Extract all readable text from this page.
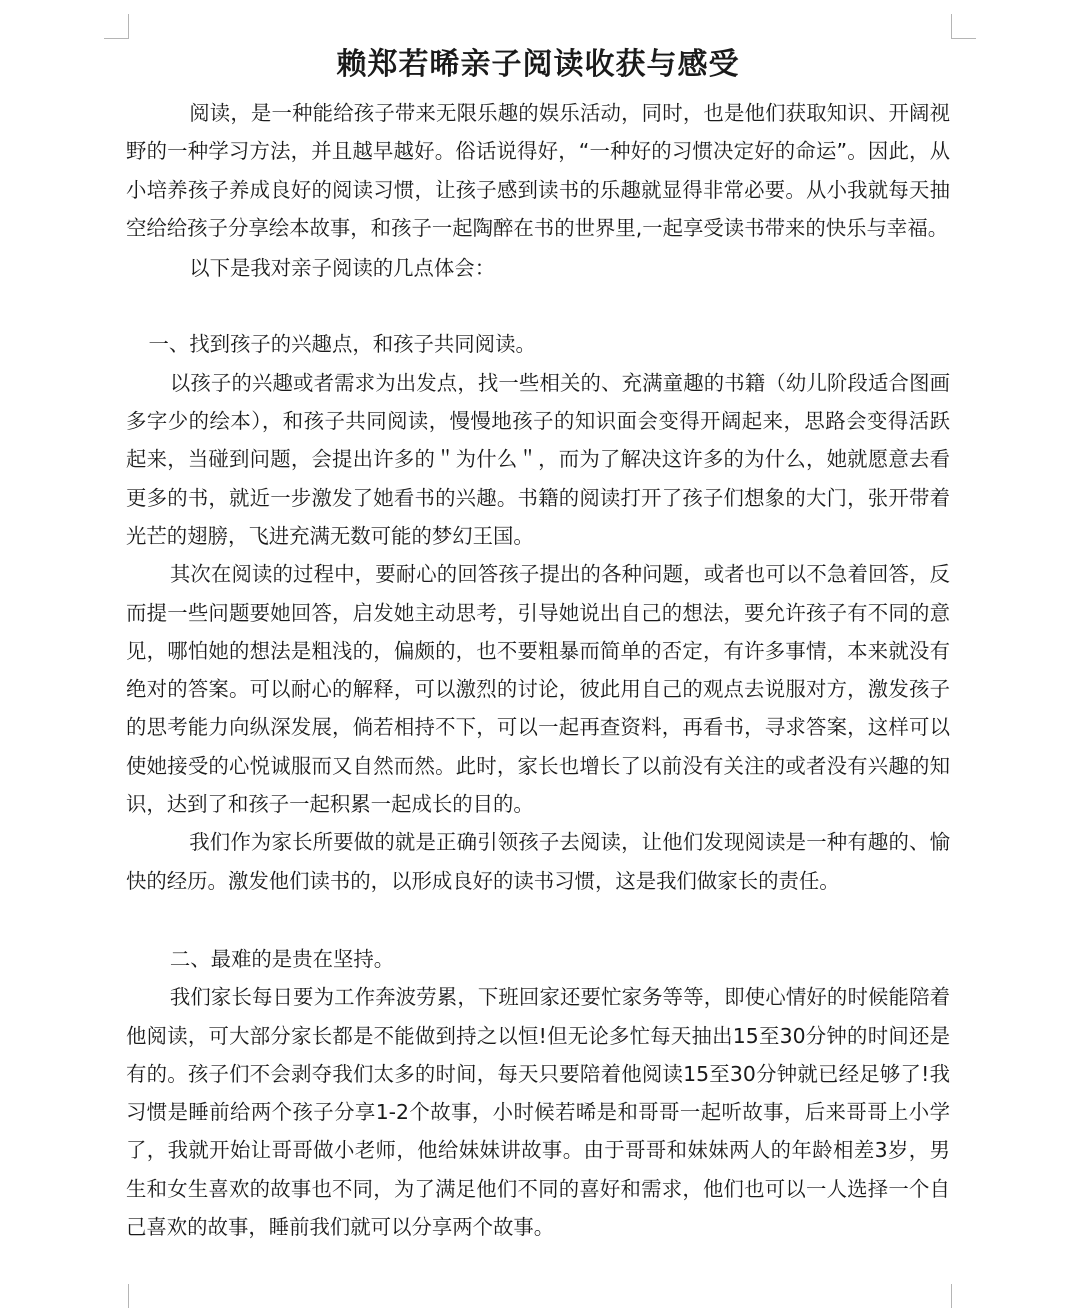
赖郑若晞亲子阅读收获与感受

阅读，是一种能给孩子带来无限乐趣的娱乐活动，同时，也是他们获取知识、开阔视野的一种学习方法，并且越早越好。俗话说得好，“一种好的习惯决定好的命运”。因此，从小培养孩子养成良好的阅读习惯，让孩子感到读书的乐趣就显得非常必要。从小我就每天抽空给给孩子分享绘本故事，和孩子一起陶醉在书的世界里,一起享受读书带来的快乐与幸福。

以下是我对亲子阅读的几点体会：

一、找到孩子的兴趣点，和孩子共同阅读。

以孩子的兴趣或者需求为出发点，找一些相关的、充满童趣的书籍（幼儿阶段适合图画多字少的绘本），和孩子共同阅读，慢慢地孩子的知识面会变得开阔起来，思路会变得活跃起来，当碰到问题，会提出许多的＂为什么＂，而为了解决这许多的为什么，她就愿意去看更多的书，就近一步激发了她看书的兴趣。书籍的阅读打开了孩子们想象的大门，张开带着光芒的翅膀，飞进充满无数可能的梦幻王国。

其次在阅读的过程中，要耐心的回答孩子提出的各种问题，或者也可以不急着回答，反而提一些问题要她回答，启发她主动思考，引导她说出自己的想法，要允许孩子有不同的意见，哪怕她的想法是粗浅的，偏颇的，也不要粗暴而简单的否定，有许多事情，本来就没有绝对的答案。可以耐心的解释，可以激烈的讨论，彼此用自己的观点去说服对方，激发孩子的思考能力向纵深发展，倘若相持不下，可以一起再查资料，再看书，寻求答案，这样可以使她接受的心悦诚服而又自然而然。此时，家长也增长了以前没有关注的或者没有兴趣的知识，达到了和孩子一起积累一起成长的目的。

我们作为家长所要做的就是正确引领孩子去阅读，让他们发现阅读是一种有趣的、愉快的经历。激发他们读书的，以形成良好的读书习惯，这是我们做家长的责任。

二、最难的是贵在坚持。

我们家长每日要为工作奔波劳累，下班回家还要忙家务等等，即使心情好的时候能陪着他阅读，可大部分家长都是不能做到持之以恒!但无论多忙每天抽出15至30分钟的时间还是有的。孩子们不会剥夺我们太多的时间，每天只要陪着他阅读15至30分钟就已经足够了!我习惯是睡前给两个孩子分享1-2个故事，小时候若晞是和哥哥一起听故事，后来哥哥上小学了，我就开始让哥哥做小老师，他给妹妹讲故事。由于哥哥和妹妹两人的年龄相差3岁，男生和女生喜欢的故事也不同，为了满足他们不同的喜好和需求，他们也可以一人选择一个自己喜欢的故事，睡前我们就可以分享两个故事。
